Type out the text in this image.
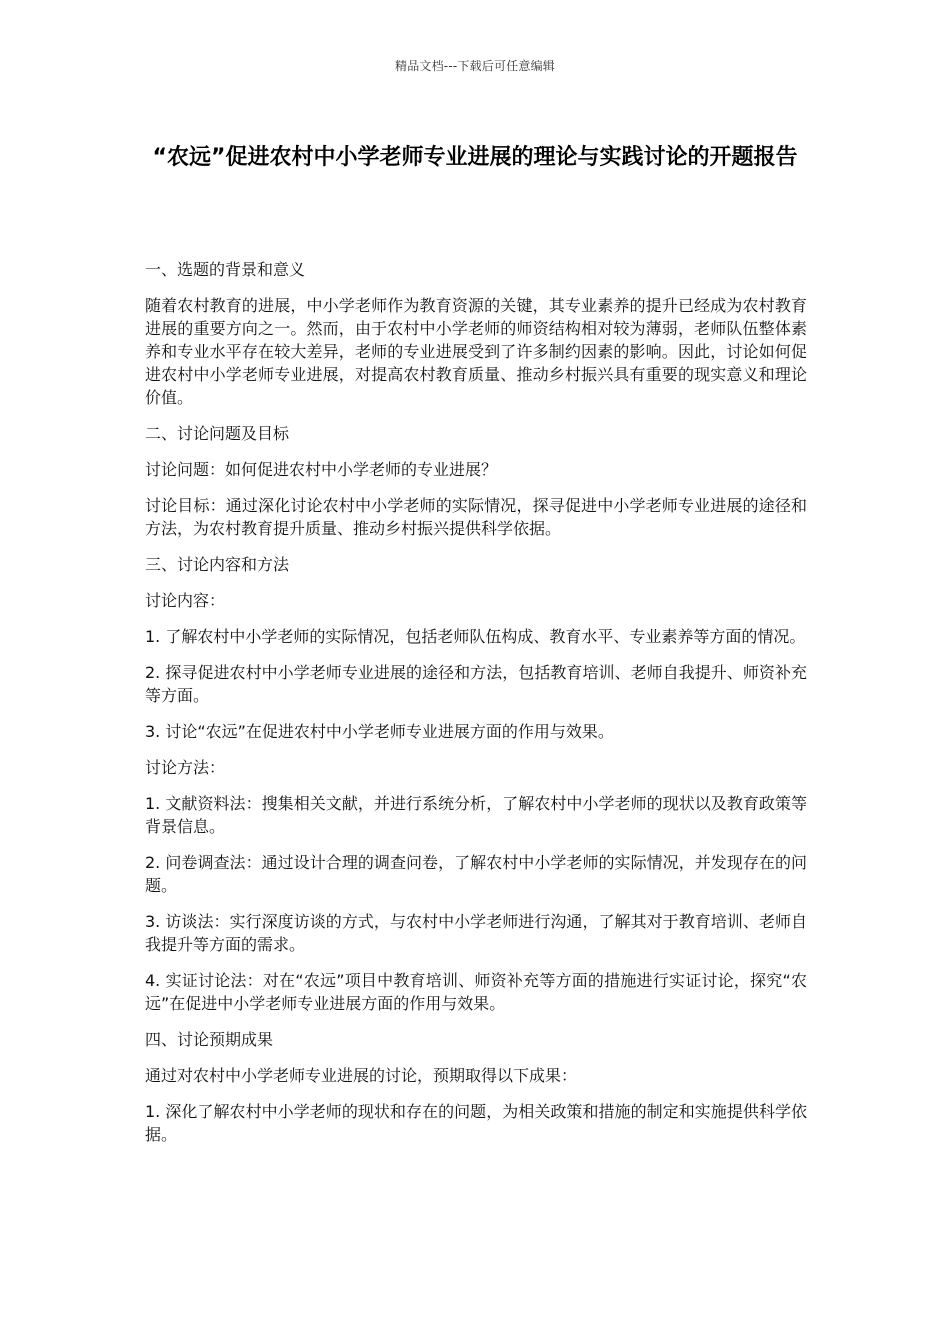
精品文档---下载后可任意编辑
“农远”促进农村中小学老师专业进展的理论与实践讨论的开题报告

一、选题的背景和意义

随着农村教育的进展，中小学老师作为教育资源的关键，其专业素养的提升已经成为农村教育进展的重要方向之一。然而，由于农村中小学老师的师资结构相对较为薄弱，老师队伍整体素养和专业水平存在较大差异，老师的专业进展受到了许多制约因素的影响。因此，讨论如何促进农村中小学老师专业进展，对提高农村教育质量、推动乡村振兴具有重要的现实意义和理论价值。

二、讨论问题及目标

讨论问题：如何促进农村中小学老师的专业进展？

讨论目标：通过深化讨论农村中小学老师的实际情况，探寻促进中小学老师专业进展的途径和方法，为农村教育提升质量、推动乡村振兴提供科学依据。

三、讨论内容和方法

讨论内容：

1. 了解农村中小学老师的实际情况，包括老师队伍构成、教育水平、专业素养等方面的情况。

2. 探寻促进农村中小学老师专业进展的途径和方法，包括教育培训、老师自我提升、师资补充等方面。

3. 讨论“农远”在促进农村中小学老师专业进展方面的作用与效果。

讨论方法：

1. 文献资料法：搜集相关文献，并进行系统分析，了解农村中小学老师的现状以及教育政策等背景信息。

2. 问卷调查法：通过设计合理的调查问卷，了解农村中小学老师的实际情况，并发现存在的问题。

3. 访谈法：实行深度访谈的方式，与农村中小学老师进行沟通，了解其对于教育培训、老师自我提升等方面的需求。

4. 实证讨论法：对在“农远”项目中教育培训、师资补充等方面的措施进行实证讨论，探究“农远”在促进中小学老师专业进展方面的作用与效果。

四、讨论预期成果

通过对农村中小学老师专业进展的讨论，预期取得以下成果：

1. 深化了解农村中小学老师的现状和存在的问题，为相关政策和措施的制定和实施提供科学依据。
